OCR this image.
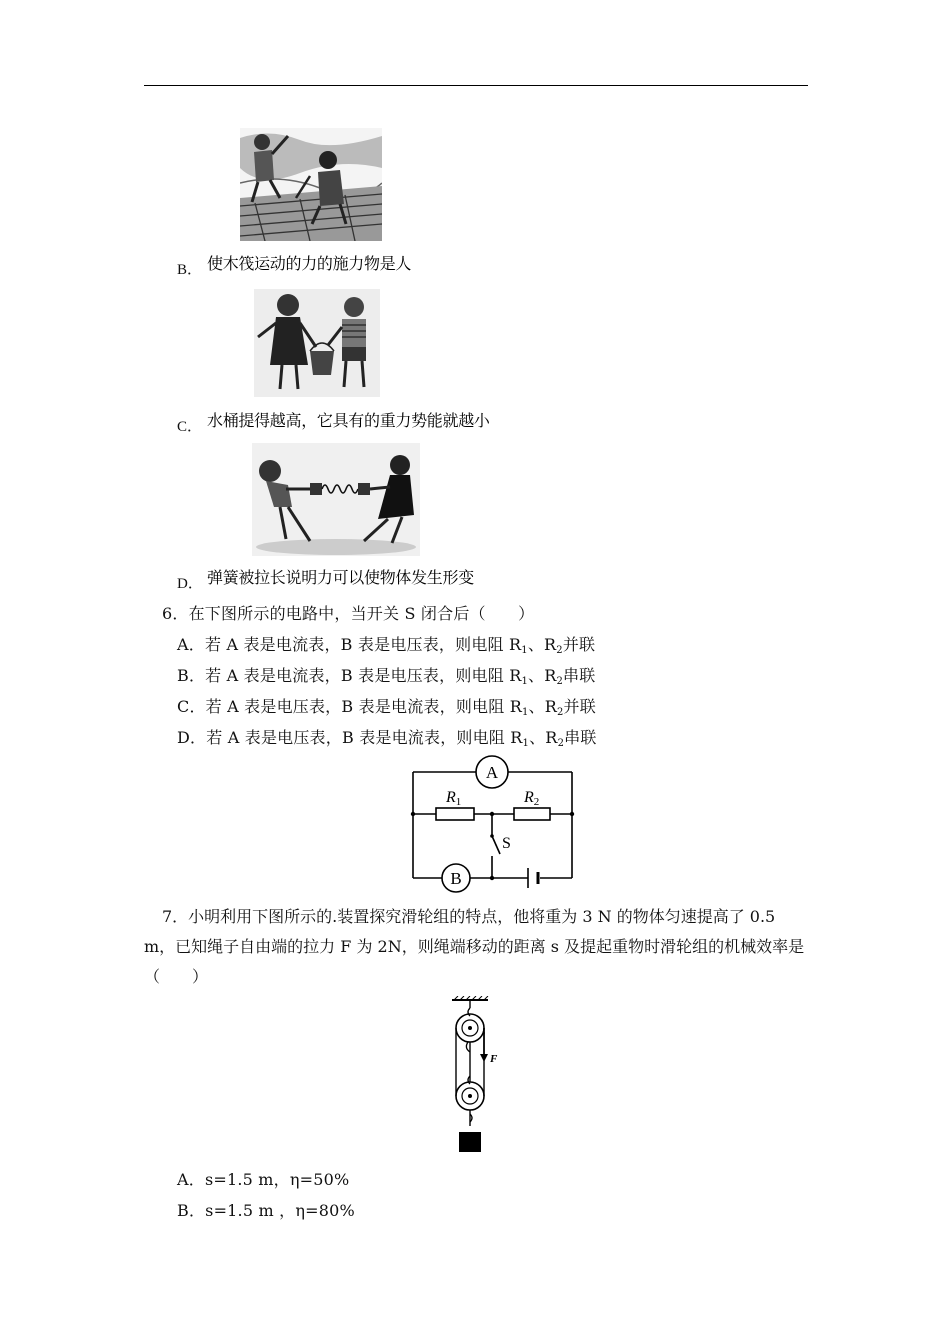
B． 使木筏运动的力的施力物是人
C． 水桶提得越高，它具有的重力势能就越小
D． 弹簧被拉长说明力可以使物体发生形变
6．在下图所示的电路中，当开关 S 闭合后（　　）
A．若 A 表是电流表，B 表是电压表，则电阻 $R_1$、$R_2$并联
B．若 A 表是电流表，B 表是电压表，则电阻 $R_1$、$R_2$串联
C．若 A 表是电压表，B 表是电流表，则电阻 $R_1$、$R_2$并联
D．若 A 表是电压表，B 表是电流表，则电阻 $R_1$、$R_2$串联
A
B
R1	R2
S
7．小明利用下图所示的.装置探究滑轮组的特点，他将重为 3 N 的物体匀速提高了 0.5 m，已知绳子自由端的拉力 F 为 2N，则绳端移动的距离 s 及提起重物时滑轮组的机械效率是（　　）
F
A．s=1.5 m，η=50%
B．s=1.5 m ，η=80%
